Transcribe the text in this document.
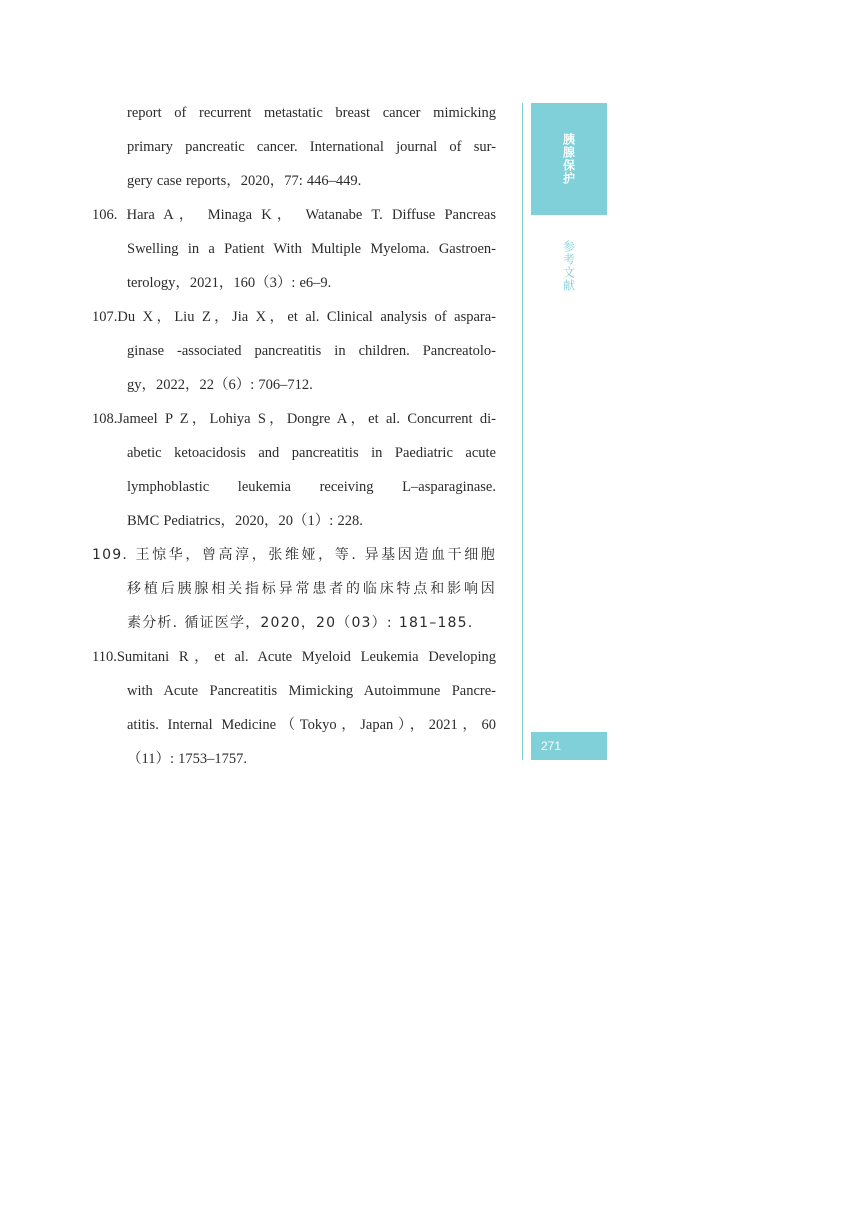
report of recurrent metastatic breast cancer mimicking
primary pancreatic cancer. International journal of sur-
gery case reports，2020，77: 446–449.
106. Hara A， Minaga K， Watanabe T. Diffuse Pancreas
Swelling in a Patient With Multiple Myeloma. Gastroen-
terology，2021，160（3）: e6–9.
107.Du X，Liu Z，Jia X，et al. Clinical analysis of aspara-
ginase -associated pancreatitis in children. Pancreatolo-
gy，2022，22（6）: 706–712.
108.Jameel P Z，Lohiya S，Dongre A，et al. Concurrent di-
abetic ketoacidosis and pancreatitis in Paediatric acute
lymphoblastic leukemia receiving L–asparaginase.
BMC Pediatrics，2020，20（1）: 228.
109. 王惊华，曾高淳，张维娅，等. 异基因造血干细胞
移植后胰腺相关指标异常患者的临床特点和影响因
素分析. 循证医学，2020，20（03）: 181–185.
110.Sumitani R，et al. Acute Myeloid Leukemia Developing
with Acute Pancreatitis Mimicking Autoimmune Pancre-
atitis. Internal Medicine（Tokyo，Japan），2021，60
（11）: 1753–1757.
胰腺保护
参考文献
271
